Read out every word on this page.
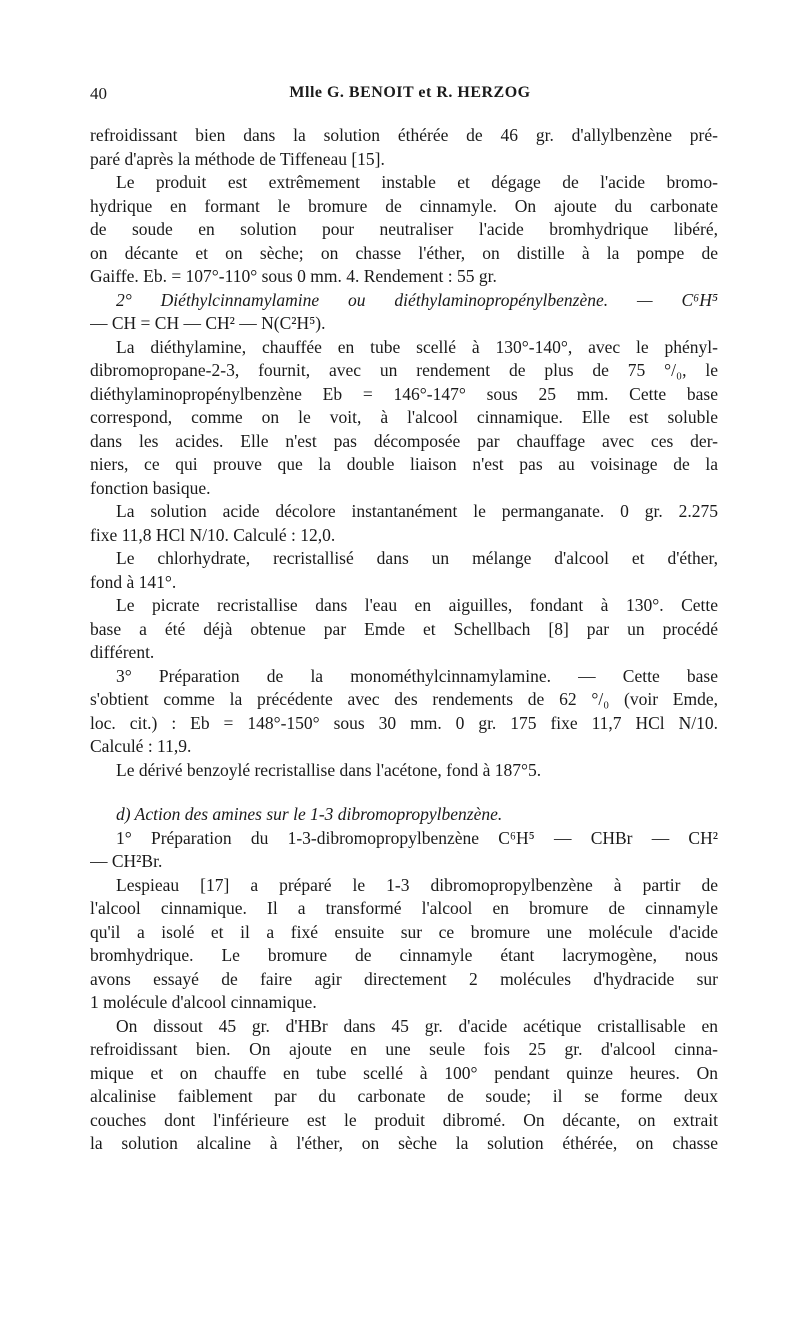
40	Mlle G. BENOIT et R. HERZOG
refroidissant bien dans la solution éthérée de 46 gr. d'allylbenzène pré-
paré d'après la méthode de Tiffeneau [15].
Le produit est extrêmement instable et dégage de l'acide bromo-
hydrique en formant le bromure de cinnamyle. On ajoute du carbonate
de soude en solution pour neutraliser l'acide bromhydrique libéré,
on décante et on sèche; on chasse l'éther, on distille à la pompe de
Gaiffe. Eb. = 107°-110° sous 0 mm. 4. Rendement : 55 gr.
2° Diéthylcinnamylamine ou diéthylaminopropénylbenzène. — C⁶H⁵
— CH = CH — CH² — N(C²H⁵).
La diéthylamine, chauffée en tube scellé à 130°-140°, avec le phényl-
dibromopropane-2-3, fournit, avec un rendement de plus de 75 °/₀, le
diéthylaminopropénylbenzène Eb = 146°-147° sous 25 mm. Cette base
correspond, comme on le voit, à l'alcool cinnamique. Elle est soluble
dans les acides. Elle n'est pas décomposée par chauffage avec ces der-
niers, ce qui prouve que la double liaison n'est pas au voisinage de la
fonction basique.
La solution acide décolore instantanément le permanganate. 0 gr. 2.275
fixe 11,8 HCl N/10. Calculé : 12,0.
Le chlorhydrate, recristallisé dans un mélange d'alcool et d'éther,
fond à 141°.
Le picrate recristallise dans l'eau en aiguilles, fondant à 130°. Cette
base a été déjà obtenue par Emde et Schellbach [8] par un procédé
différent.
3° Préparation de la monométhylcinnamylamine. — Cette base
s'obtient comme la précédente avec des rendements de 62 °/₀ (voir Emde,
loc. cit.) : Eb = 148°-150° sous 30 mm. 0 gr. 175 fixe 11,7 HCl N/10.
Calculé : 11,9.
Le dérivé benzoylé recristallise dans l'acétone, fond à 187°5.
d) Action des amines sur le 1-3 dibromopropylbenzène.
1° Préparation du 1-3-dibromopropylbenzène C⁶H⁵ — CHBr — CH²
— CH²Br.
Lespieau [17] a préparé le 1-3 dibromopropylbenzène à partir de
l'alcool cinnamique. Il a transformé l'alcool en bromure de cinnamyle
qu'il a isolé et il a fixé ensuite sur ce bromure une molécule d'acide
bromhydrique. Le bromure de cinnamyle étant lacrymogène, nous
avons essayé de faire agir directement 2 molécules d'hydracide sur
1 molécule d'alcool cinnamique.
On dissout 45 gr. d'HBr dans 45 gr. d'acide acétique cristallisable en
refroidissant bien. On ajoute en une seule fois 25 gr. d'alcool cinna-
mique et on chauffe en tube scellé à 100° pendant quinze heures. On
alcalinise faiblement par du carbonate de soude; il se forme deux
couches dont l'inférieure est le produit dibromé. On décante, on extrait
la solution alcaline à l'éther, on sèche la solution éthérée, on chasse
